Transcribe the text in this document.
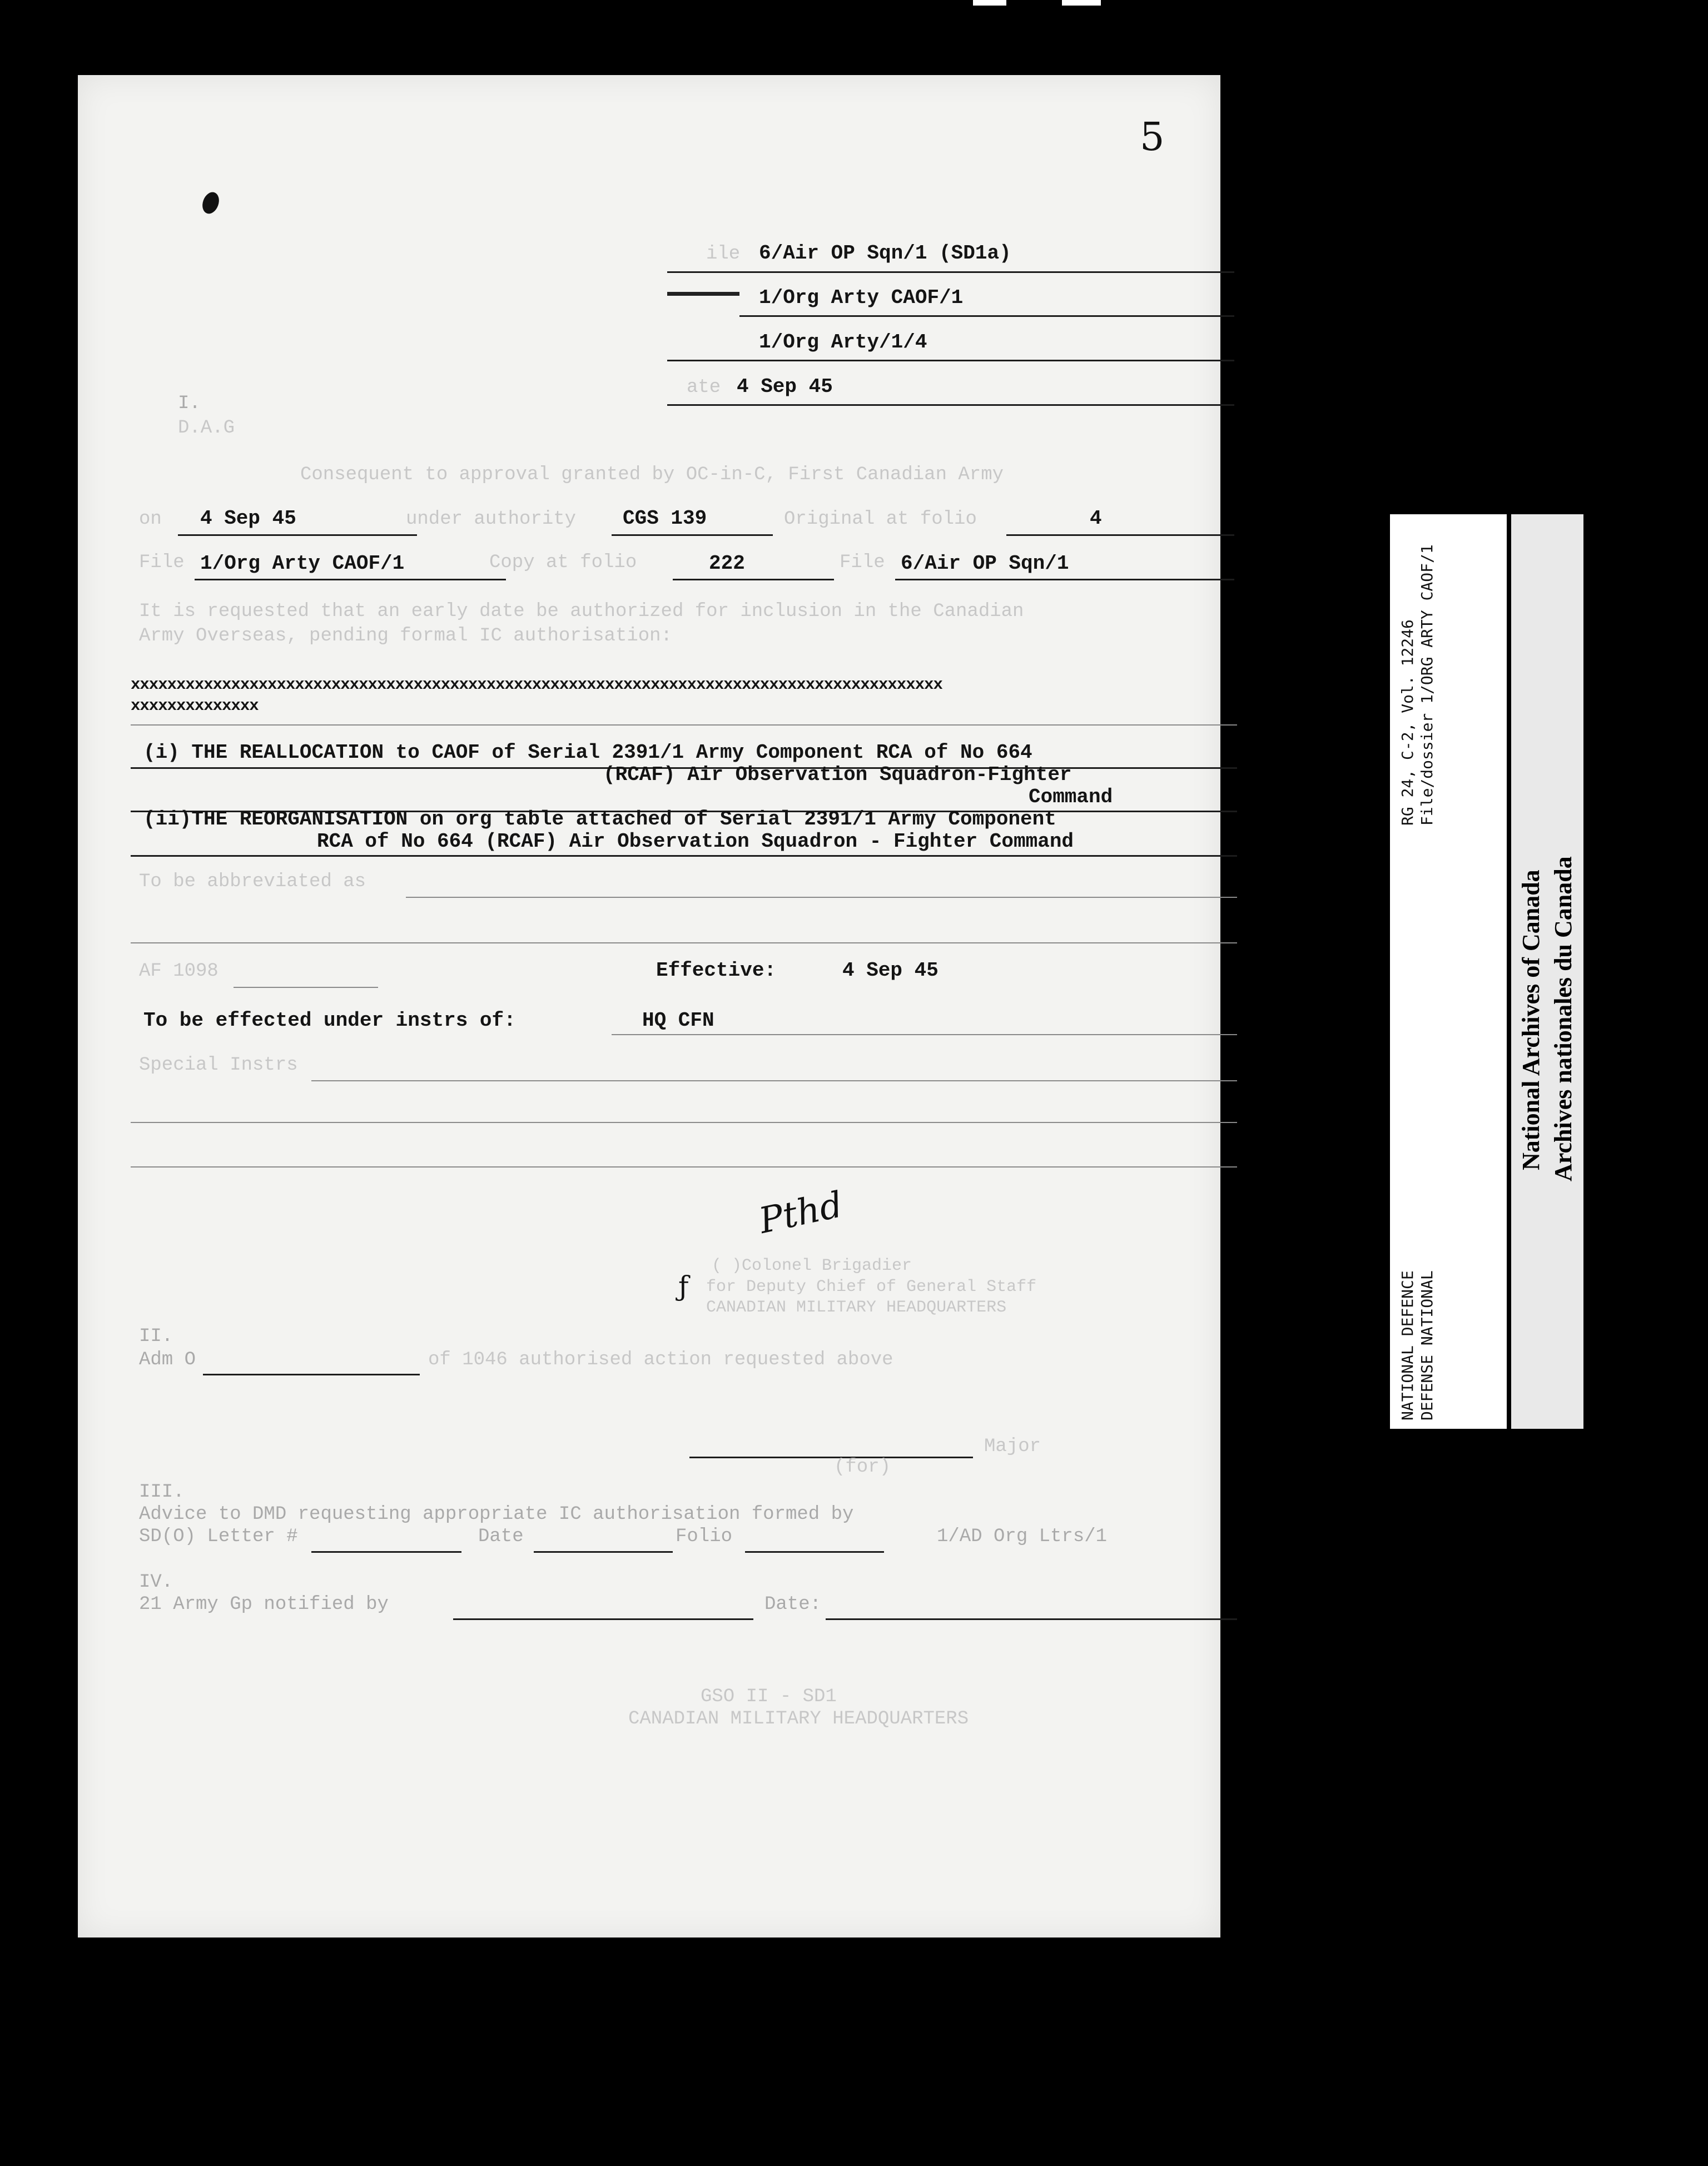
5
ile 6/Air OP Sqn/1 (SD1a)
1/Org Arty CAOF/1
1/Org Arty/1/4
ate 4 Sep 45
I.
D.A.G
Consequent to approval granted by OC-in-C, First Canadian Army
on 4 Sep 45	under authority CGS 139	Original at folio	4
File 1/Org Arty CAOF/1	Copy at folio	222	File 6/Air OP Sqn/1
It is requested that an early date be authorized for inclusion in the Canadian
Army Overseas, pending formal IC authorisation:
xxxxxxxxxxxxxxxxxxxxxxxxxxxxxxxxxxxxxxxxxxxxxxxxxxxxxxxxxxxxxxxxxxxxxxxxxxxxxxxxxxxxxxxxx
xxxxxxxxxxxxxx
(i) THE REALLOCATION to CAOF of Serial 2391/1 Army Component RCA of No 664
(RCAF) Air Observation Squadron-Fighter
Command
(ii)THE REORGANISATION on org table attached of Serial 2391/1 Army Component
RCA of No 664 (RCAF) Air Observation Squadron - Fighter Command
To be abbreviated as
AF 1098	Effective:	4 Sep 45
To be effected under instrs of:	HQ CFN
Special Instrs
Pthd
ƒ
( )Colonel Brigadier
for Deputy Chief of General Staff
CANADIAN MILITARY HEADQUARTERS
II.
Adm O	of 1046 authorised action requested above
Major
(for)
III.
Advice to DMD requesting appropriate IC authorisation formed by
SD(O) Letter #	Date	Folio	1/AD Org Ltrs/1
IV.
21 Army Gp notified by	Date:
GSO II - SD1
CANADIAN MILITARY HEADQUARTERS
RG 24, C-2, Vol. 12246 File/dossier 1/ORG ARTY CAOF/1
NATIONAL DEFENCE DEFENSE NATIONAL
National Archives of Canada Archives nationales du Canada
